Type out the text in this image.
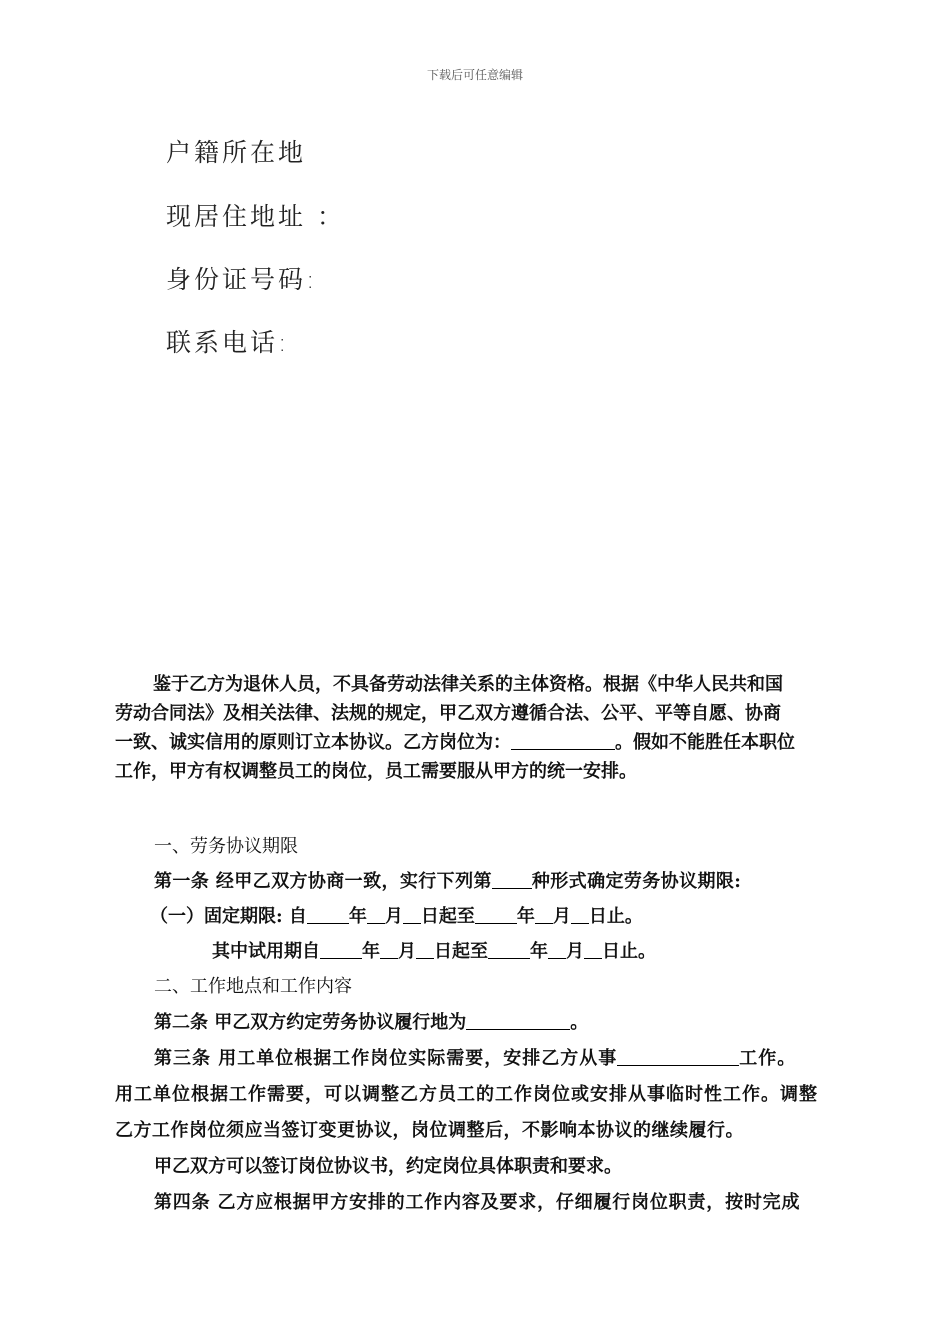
下载后可任意编辑
户籍所在地
现居住地址 ：
身份证号码:
联系电话:
鉴于乙方为退休人员，不具备劳动法律关系的主体资格。根据《中华人民共和国
劳动合同法》及相关法律、法规的规定，甲乙双方遵循合法、公平、平等自愿、协商
一致、诚实信用的原则订立本协议。乙方岗位为：	。假如不能胜任本职位
工作，甲方有权调整员工的岗位，员工需要服从甲方的统一安排。
一、劳务协议期限
第一条 经甲乙双方协商一致，实行下列第 种形式确定劳务协议期限:
（一）固定期限: 自 年 月 日起至 年 月 日止。
其中试用期自 年 月 日起至 年 月 日止。
二、工作地点和工作内容
第二条 甲乙双方约定劳务协议履行地为	。
第三条 用工单位根据工作岗位实际需要，安排乙方从事	工作。
用工单位根据工作需要，可以调整乙方员工的工作岗位或安排从事临时性工作。调整
乙方工作岗位须应当签订变更协议，岗位调整后，不影响本协议的继续履行。
甲乙双方可以签订岗位协议书，约定岗位具体职责和要求。
第四条 乙方应根据甲方安排的工作内容及要求，仔细履行岗位职责，按时完成
